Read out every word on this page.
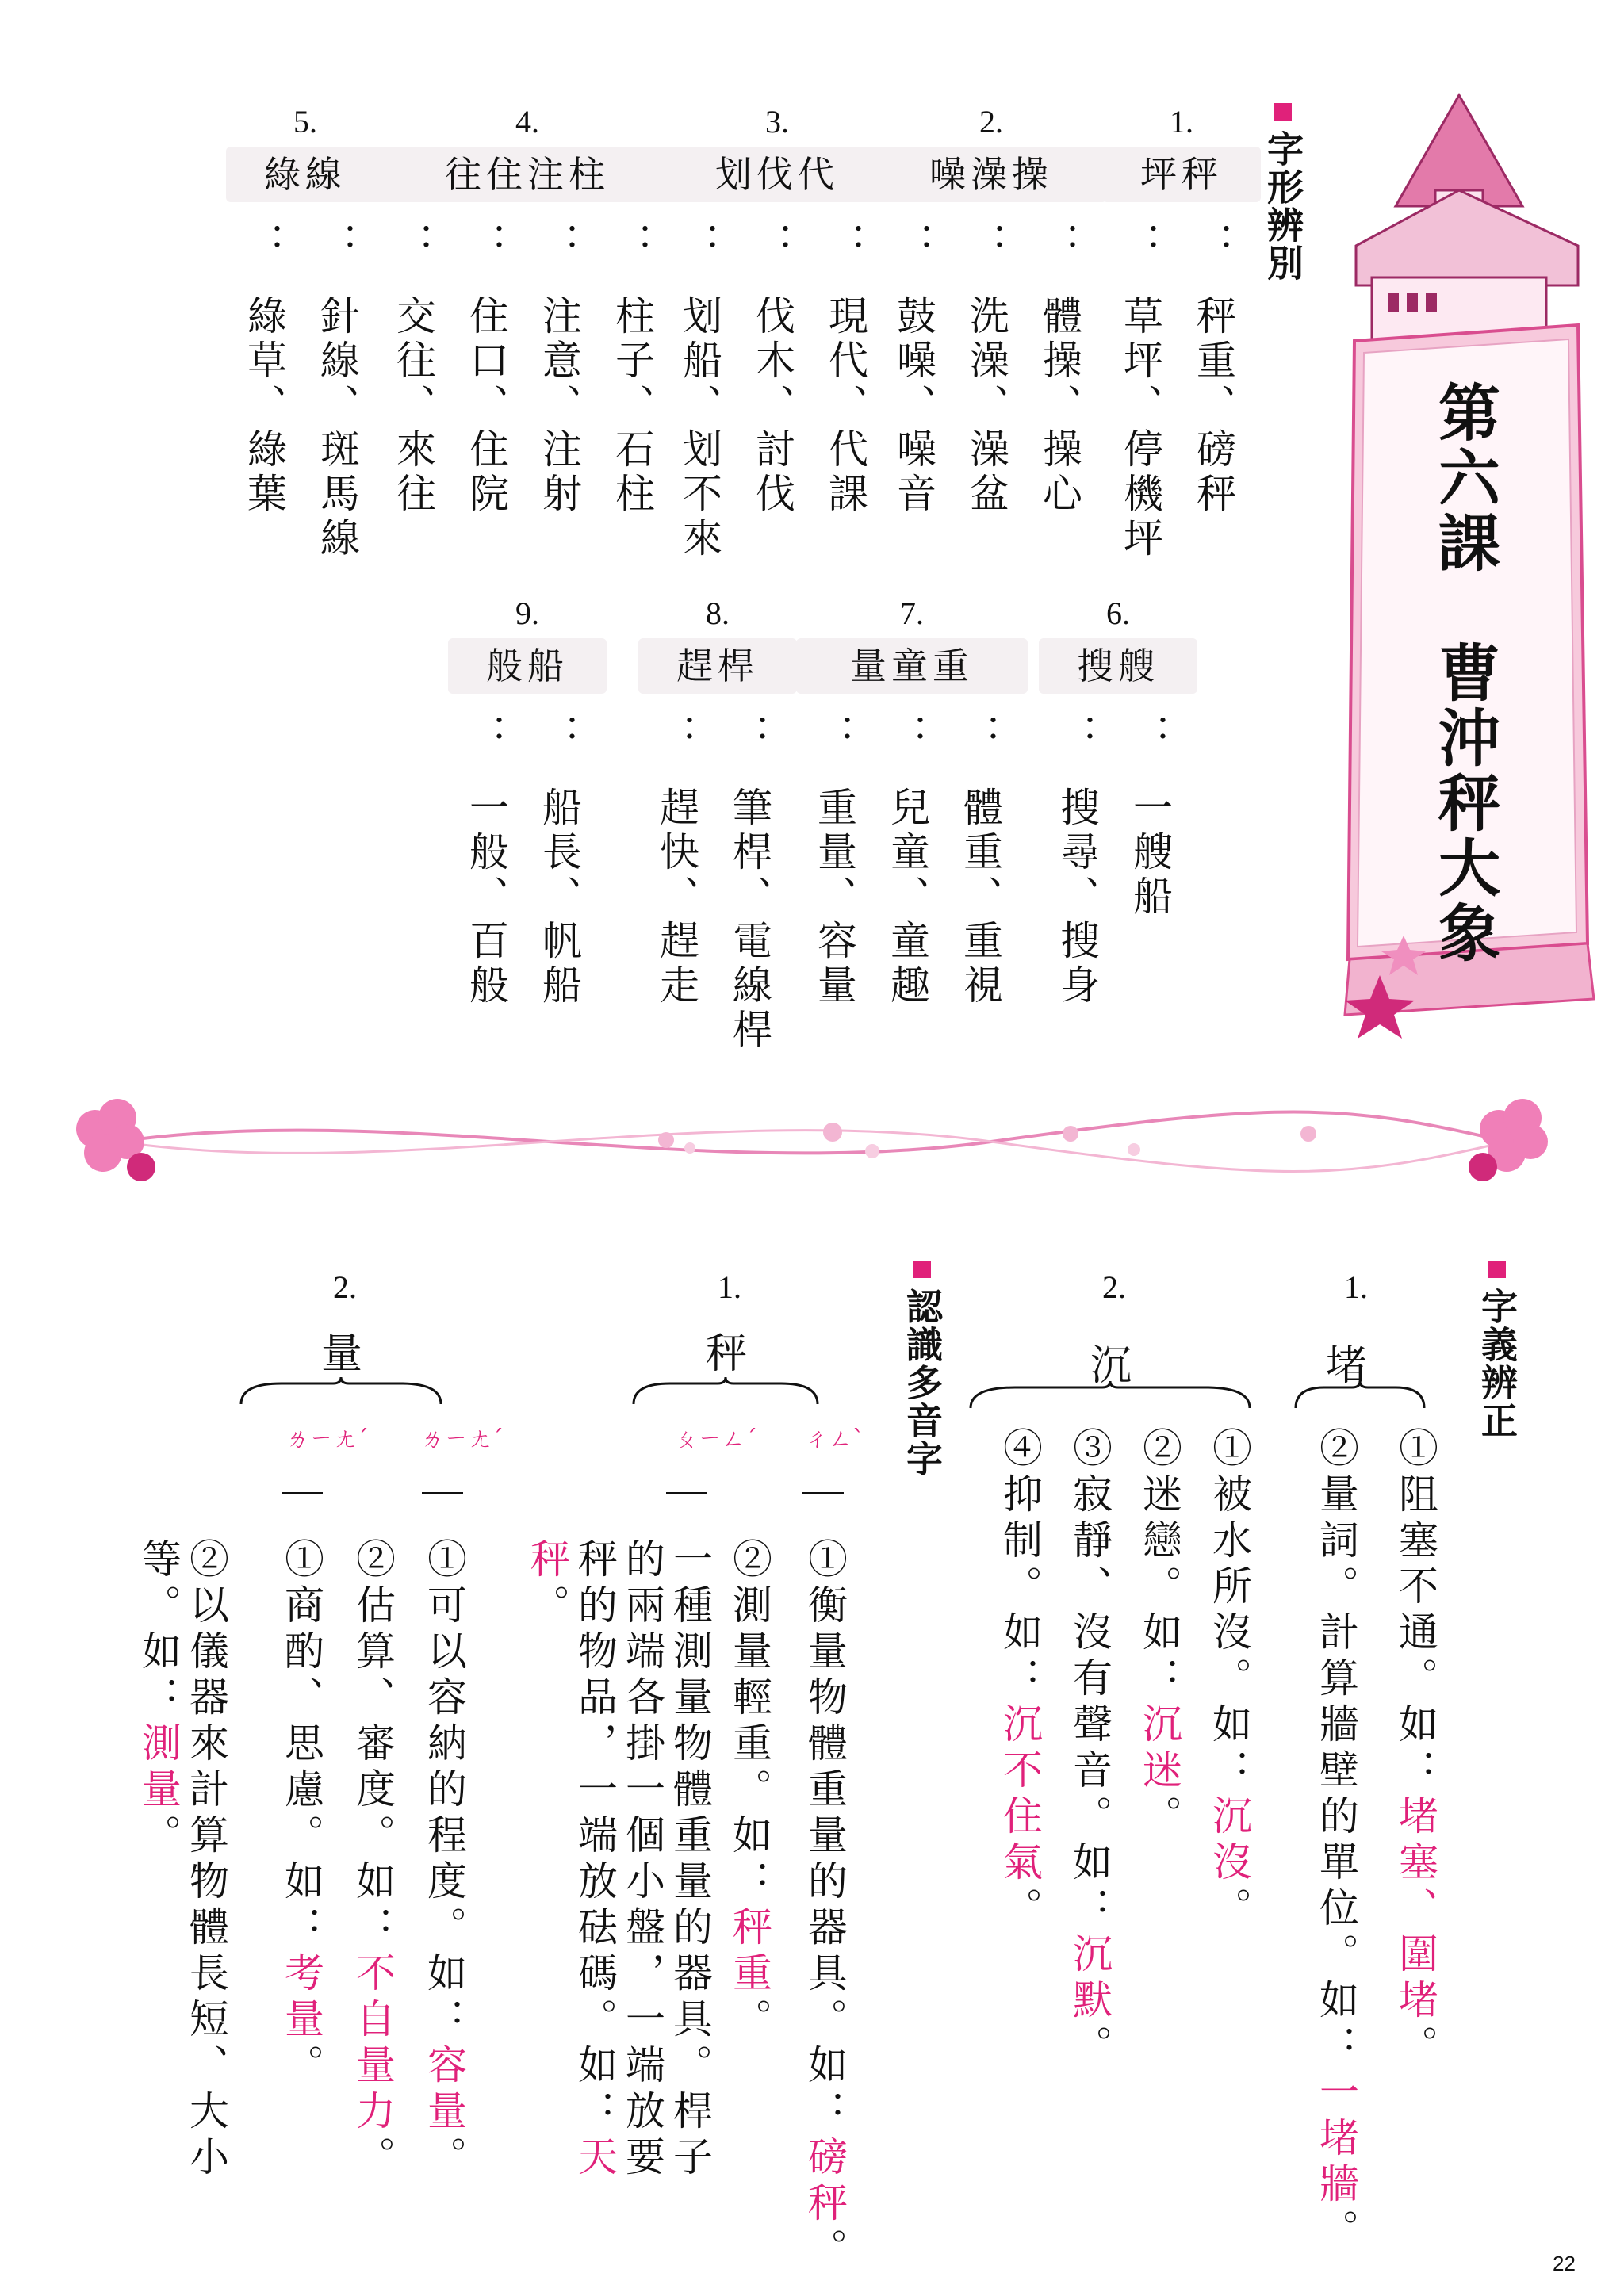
第六課　曹沖秤大象
字形辨別
1.
坪秤
：秤重、磅秤
：草坪、停機坪
2.
噪澡操
：體操、操心
：洗澡、澡盆
：鼓噪、噪音
3.
划伐代
：現代、代課
：伐木、討伐
：划船、划不來
4.
往住注柱
：柱子、石柱
：注意、注射
：住口、住院
：交往、來往
5.
綠線
：針線、斑馬線
：綠草、綠葉
6.
搜艘
：一艘船
：搜尋、搜身
7.
量童重
：體重、重視
：兒童、童趣
：重量、容量
8.
趕桿
：筆桿、電線桿
：趕快、趕走
9.
般船
：船長、帆船
：一般、百般
字義辨正
1.
堵
①阻塞不通。如：堵塞、圍堵。
②量詞。計算牆壁的單位。如：一堵牆。
2.
沉
①被水所沒。如：沉沒。
②迷戀。如：沉迷。
③寂靜、沒有聲音。如：沉默。
④抑制。如：沉不住氣。
認識多音字
1.
秤
ㄔㄥˋ
ㄆㄧㄥˊ
①衡量物體重量的器具。如：磅秤。
②測量輕重。如：秤重。
一種測量物體重量的器具。桿子的兩端各掛一個小盤，一端放要秤的物品，一端放砝碼。如：天秤。
2.
量
ㄌㄧㄤˊ
ㄌㄧㄤˊ
①可以容納的程度。如：容量。
②估算、審度。如：不自量力。
①商酌、思慮。如：考量。
②以儀器來計算物體長短、大小等。如：測量。
22
